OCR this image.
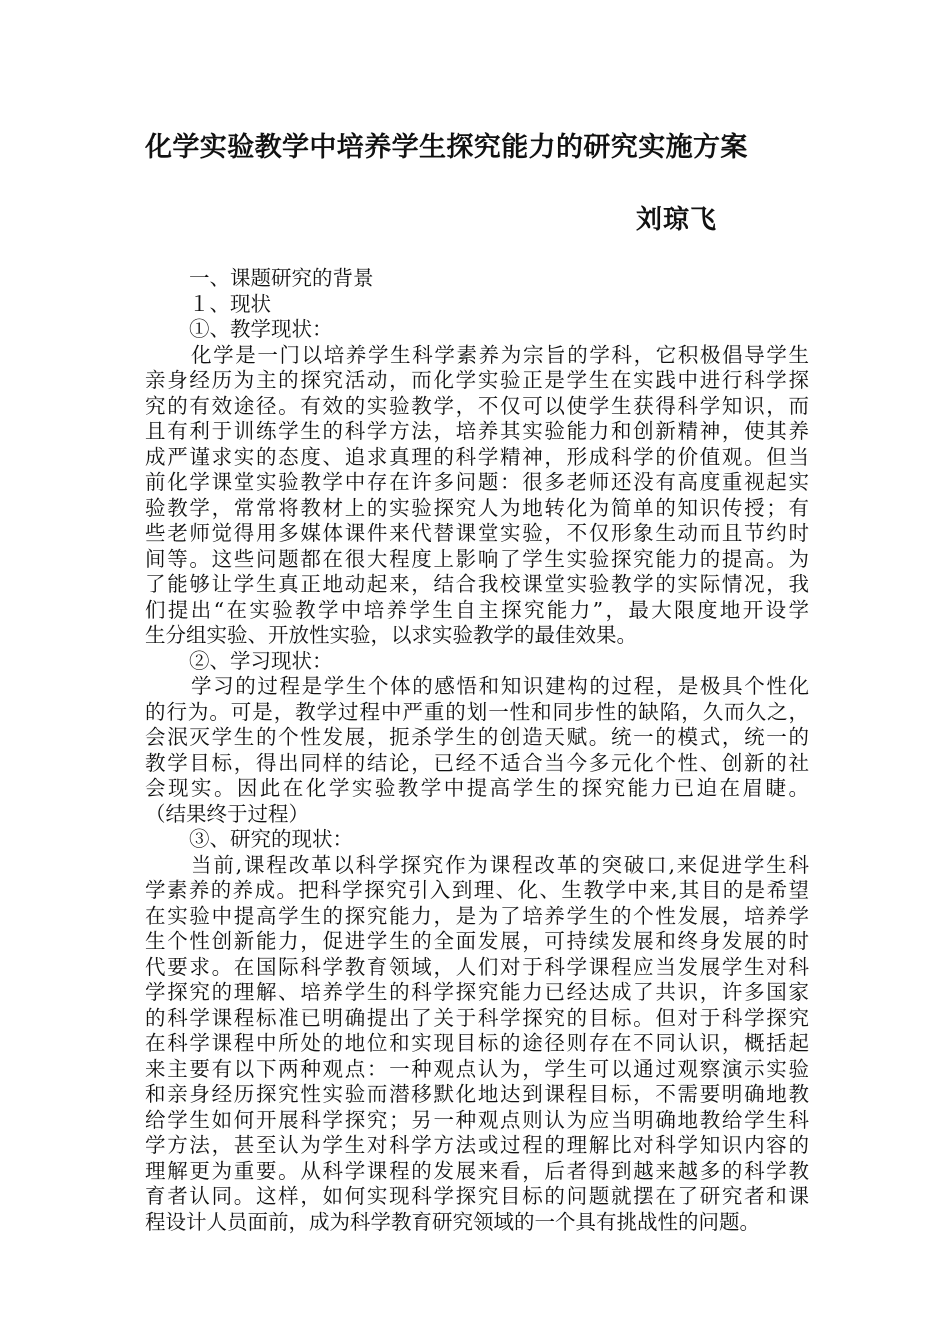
化学实验教学中培养学生探究能力的研究实施方案
刘琼飞
一、课题研究的背景
１、现状
①、教学现状：
化学是一门以培养学生科学素养为宗旨的学科，它积极倡导学生
亲身经历为主的探究活动，而化学实验正是学生在实践中进行科学探
究的有效途径。有效的实验教学，不仅可以使学生获得科学知识，而
且有利于训练学生的科学方法，培养其实验能力和创新精神，使其养
成严谨求实的态度、追求真理的科学精神，形成科学的价值观。但当
前化学课堂实验教学中存在许多问题：很多老师还没有高度重视起实
验教学，常常将教材上的实验探究人为地转化为简单的知识传授；有
些老师觉得用多媒体课件来代替课堂实验，不仅形象生动而且节约时
间等。这些问题都在很大程度上影响了学生实验探究能力的提高。为
了能够让学生真正地动起来，结合我校课堂实验教学的实际情况，我
们提出“在实验教学中培养学生自主探究能力”，最大限度地开设学
生分组实验、开放性实验，以求实验教学的最佳效果。
②、学习现状：
学习的过程是学生个体的感悟和知识建构的过程，是极具个性化
的行为。可是，教学过程中严重的划一性和同步性的缺陷，久而久之，
会泯灭学生的个性发展，扼杀学生的创造天赋。统一的模式，统一的
教学目标，得出同样的结论，已经不适合当今多元化个性、创新的社
会现实。因此在化学实验教学中提高学生的探究能力已迫在眉睫。
（结果终于过程）
③、研究的现状：
当前,课程改革以科学探究作为课程改革的突破口,来促进学生科
学素养的养成。把科学探究引入到理、化、生教学中来,其目的是希望
在实验中提高学生的探究能力，是为了培养学生的个性发展，培养学
生个性创新能力，促进学生的全面发展，可持续发展和终身发展的时
代要求。在国际科学教育领域，人们对于科学课程应当发展学生对科
学探究的理解、培养学生的科学探究能力已经达成了共识，许多国家
的科学课程标准已明确提出了关于科学探究的目标。但对于科学探究
在科学课程中所处的地位和实现目标的途径则存在不同认识，概括起
来主要有以下两种观点：一种观点认为，学生可以通过观察演示实验
和亲身经历探究性实验而潜移默化地达到课程目标，不需要明确地教
给学生如何开展科学探究；另一种观点则认为应当明确地教给学生科
学方法，甚至认为学生对科学方法或过程的理解比对科学知识内容的
理解更为重要。从科学课程的发展来看，后者得到越来越多的科学教
育者认同。这样，如何实现科学探究目标的问题就摆在了研究者和课
程设计人员面前，成为科学教育研究领域的一个具有挑战性的问题。
